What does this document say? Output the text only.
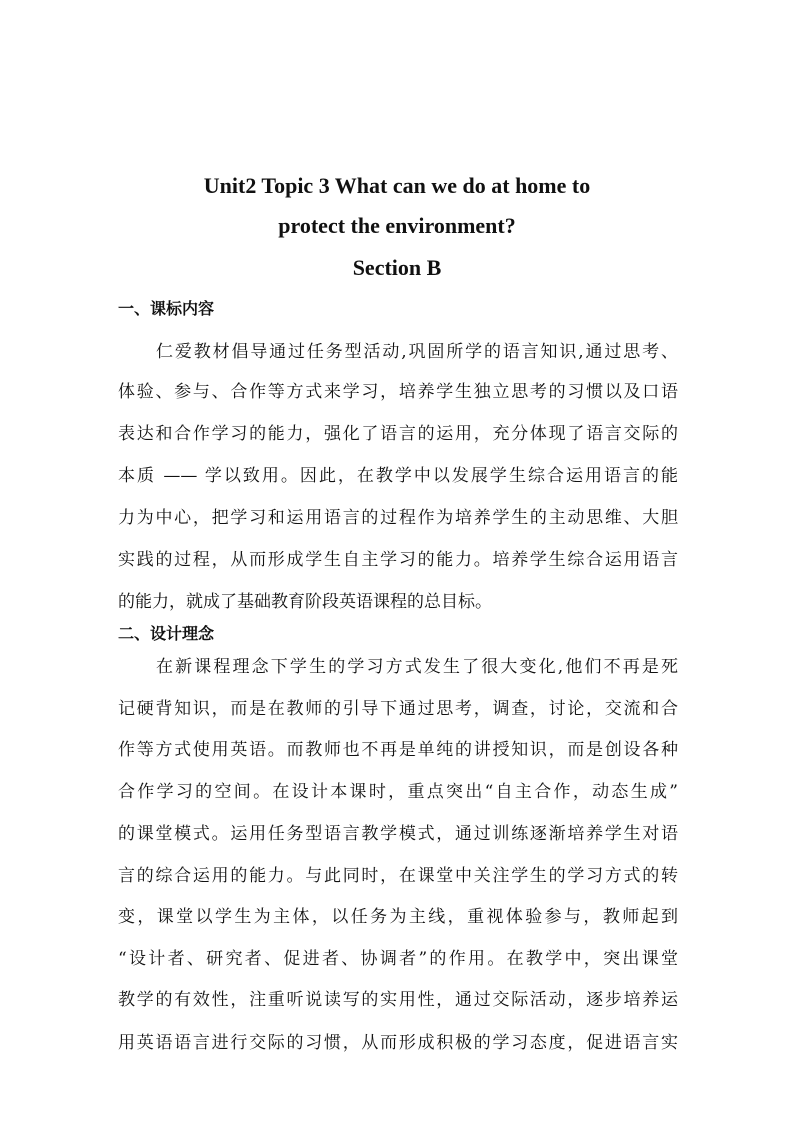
Unit2 Topic 3 What can we do at home to
protect the environment?
Section B
一、课标内容
仁爱教材倡导通过任务型活动,巩固所学的语言知识,通过思考、
体验、参与、合作等方式来学习，培养学生独立思考的习惯以及口语
表达和合作学习的能力，强化了语言的运用，充分体现了语言交际的
本质 —— 学以致用。因此，在教学中以发展学生综合运用语言的能
力为中心，把学习和运用语言的过程作为培养学生的主动思维、大胆
实践的过程，从而形成学生自主学习的能力。培养学生综合运用语言
的能力，就成了基础教育阶段英语课程的总目标。
二、设计理念
在新课程理念下学生的学习方式发生了很大变化,他们不再是死
记硬背知识，而是在教师的引导下通过思考，调查，讨论，交流和合
作等方式使用英语。而教师也不再是单纯的讲授知识，而是创设各种
合作学习的空间。在设计本课时，重点突出“自主合作，动态生成”
的课堂模式。运用任务型语言教学模式，通过训练逐渐培养学生对语
言的综合运用的能力。与此同时，在课堂中关注学生的学习方式的转
变，课堂以学生为主体，以任务为主线，重视体验参与，教师起到
“设计者、研究者、促进者、协调者”的作用。在教学中，突出课堂
教学的有效性，注重听说读写的实用性，通过交际活动，逐步培养运
用英语语言进行交际的习惯，从而形成积极的学习态度，促进语言实
